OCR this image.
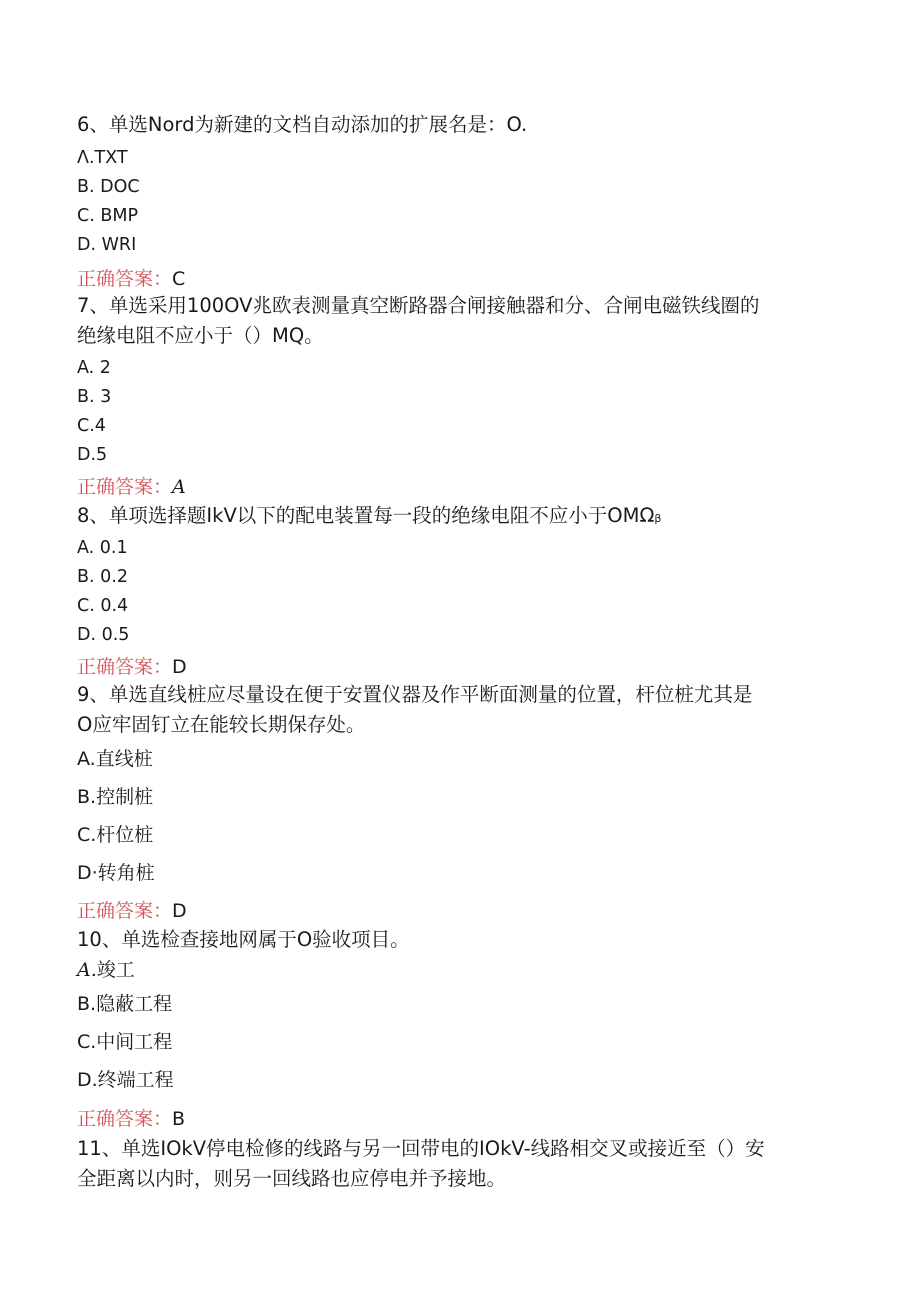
6、单选Nord为新建的文档自动添加的扩展名是：O.
Λ.TXT
B. DOC
C. BMP
D. WRI
正确答案：C
7、单选采用100OV兆欧表测量真空断路器合闸接触器和分、合闸电磁铁线圈的
绝缘电阻不应小于（）MQ。
A. 2
B. 3
C.4
D.5
正确答案：A
8、单项选择题IkV以下的配电装置每一段的绝缘电阻不应小于OMΩβ
A. 0.1
B. 0.2
C. 0.4
D. 0.5
正确答案：D
9、单选直线桩应尽量设在便于安置仪器及作平断面测量的位置，杆位桩尤其是
O应牢固钉立在能较长期保存处。
A.直线桩
B.控制桩
C.杆位桩
D·转角桩
正确答案：D
10、单选检查接地网属于O验收项目。
A.竣工
B.隐蔽工程
C.中间工程
D.终端工程
正确答案：B
11、单选IOkV停电检修的线路与另一回带电的IOkV-线路相交叉或接近至（）安
全距离以内时，则另一回线路也应停电并予接地。
